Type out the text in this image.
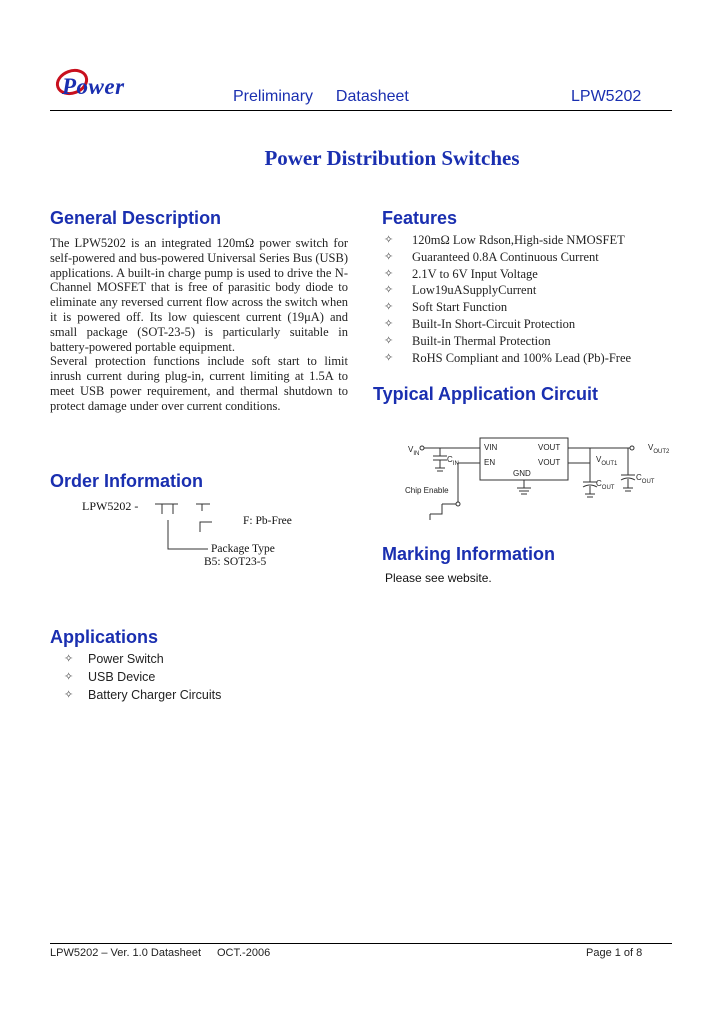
Power	Preliminary Datasheet	LPW5202
Power Distribution Switches
General Description
The LPW5202 is an integrated 120mΩ power switch for self-powered and bus-powered Universal Series Bus (USB) applications. A built-in charge pump is used to drive the N-Channel MOSFET that is free of parasitic body diode to eliminate any reversed current flow across the switch when it is powered off. Its low quiescent current (19μA) and small package (SOT-23-5) is particularly suitable in battery-powered portable equipment.
Several protection functions include soft start to limit inrush current during plug-in, current limiting at 1.5A to meet USB power requirement, and thermal shutdown to protect damage under over current conditions.
Features
✧ 120mΩ Low Rdson,High-side NMOSFET
✧ Guaranteed 0.8A Continuous Current
✧ 2.1V to 6V Input Voltage
✧ Low19uASupplyCurrent
✧ Soft Start Function
✧ Built-In Short-Circuit Protection
✧ Built-in Thermal Protection
✧ RoHS Compliant and 100% Lead (Pb)-Free
Typical Application Circuit
$V_{IN}$
$C_{IN}$
VIN
EN
GND
VOUT
VOUT	$V_{OUT1}$
$V_{OUT2}$
$C_{OUT}$
$C_{OUT}$
Chip Enable
Order Information
LPW5202 -
F: Pb-Free
Package Type
B5: SOT23-5	Marking Information
Please see website.
Applications
✧ Power Switch
✧ USB Device
✧ Battery Charger Circuits
LPW5202 – Ver. 1.0 Datasheet OCT.-2006	Page 1 of 8
